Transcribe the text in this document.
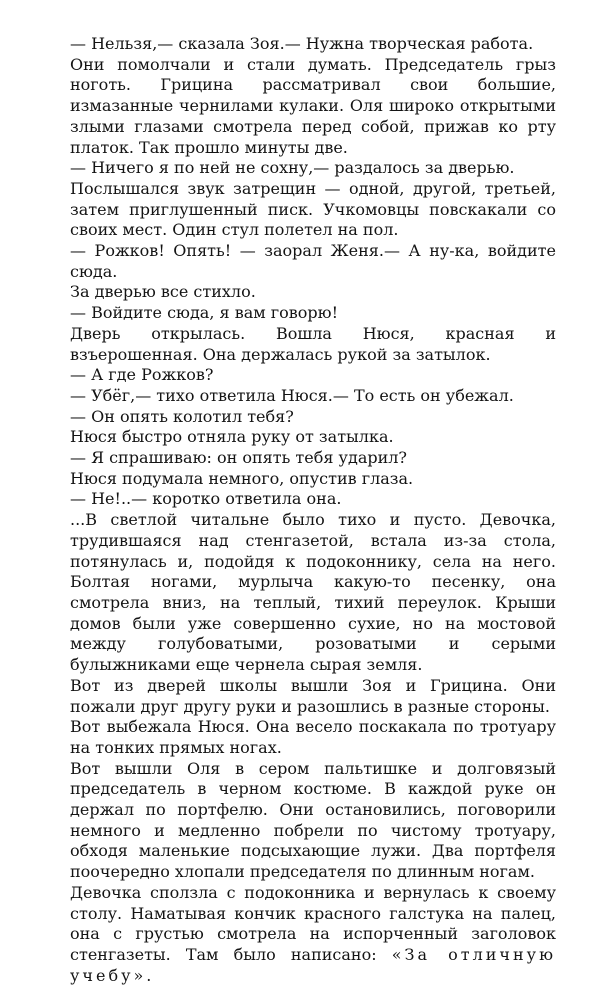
— Нельзя,— сказала Зоя.— Нужна творческая работа.

Они помолчали и стали думать. Председатель грыз ноготь. Грицина рассматривал свои большие, измазанные чернилами кулаки. Оля широко открытыми злыми глазами смотрела перед собой, прижав ко рту платок. Так прошло минуты две.

— Ничего я по ней не сохну,— раздалось за дверью.

Послышался звук затрещин — одной, другой, третьей, затем приглушенный писк. Учкомовцы повскакали со своих мест. Один стул полетел на пол.

— Рожков! Опять! — заорал Женя.— А ну-ка, войдите сюда.

За дверью все стихло.

— Войдите сюда, я вам говорю!

Дверь открылась. Вошла Нюся, красная и взъерошенная. Она держалась рукой за затылок.

— А где Рожков?

— Убёг,— тихо ответила Нюся.— То есть он убежал.

— Он опять колотил тебя?

Нюся быстро отняла руку от затылка.

— Я спрашиваю: он опять тебя ударил?

Нюся подумала немного, опустив глаза.

— Не!..— коротко ответила она.

...В светлой читальне было тихо и пусто. Девочка, трудившаяся над стенгазетой, встала из-за стола, потянулась и, подойдя к подоконнику, села на него. Болтая ногами, мурлыча какую-то песенку, она смотрела вниз, на теплый, тихий переулок. Крыши домов были уже совершенно сухие, но на мостовой между голубоватыми, розоватыми и серыми булыжниками еще чернела сырая земля.

Вот из дверей школы вышли Зоя и Грицина. Они пожали друг другу руки и разошлись в разные стороны.

Вот выбежала Нюся. Она весело поскакала по тротуару на тонких прямых ногах.

Вот вышли Оля в сером пальтишке и долговязый председатель в черном костюме. В каждой руке он держал по портфелю. Они остановились, поговорили немного и медленно побрели по чистому тротуару, обходя маленькие подсыхающие лужи. Два портфеля поочередно хлопали председателя по длинным ногам.

Девочка сползла с подоконника и вернулась к своему столу. Наматывая кончик красного галстука на палец, она с грустью смотрела на испорченный заголовок стенгазеты. Там было написано: «За отличную учебу».
